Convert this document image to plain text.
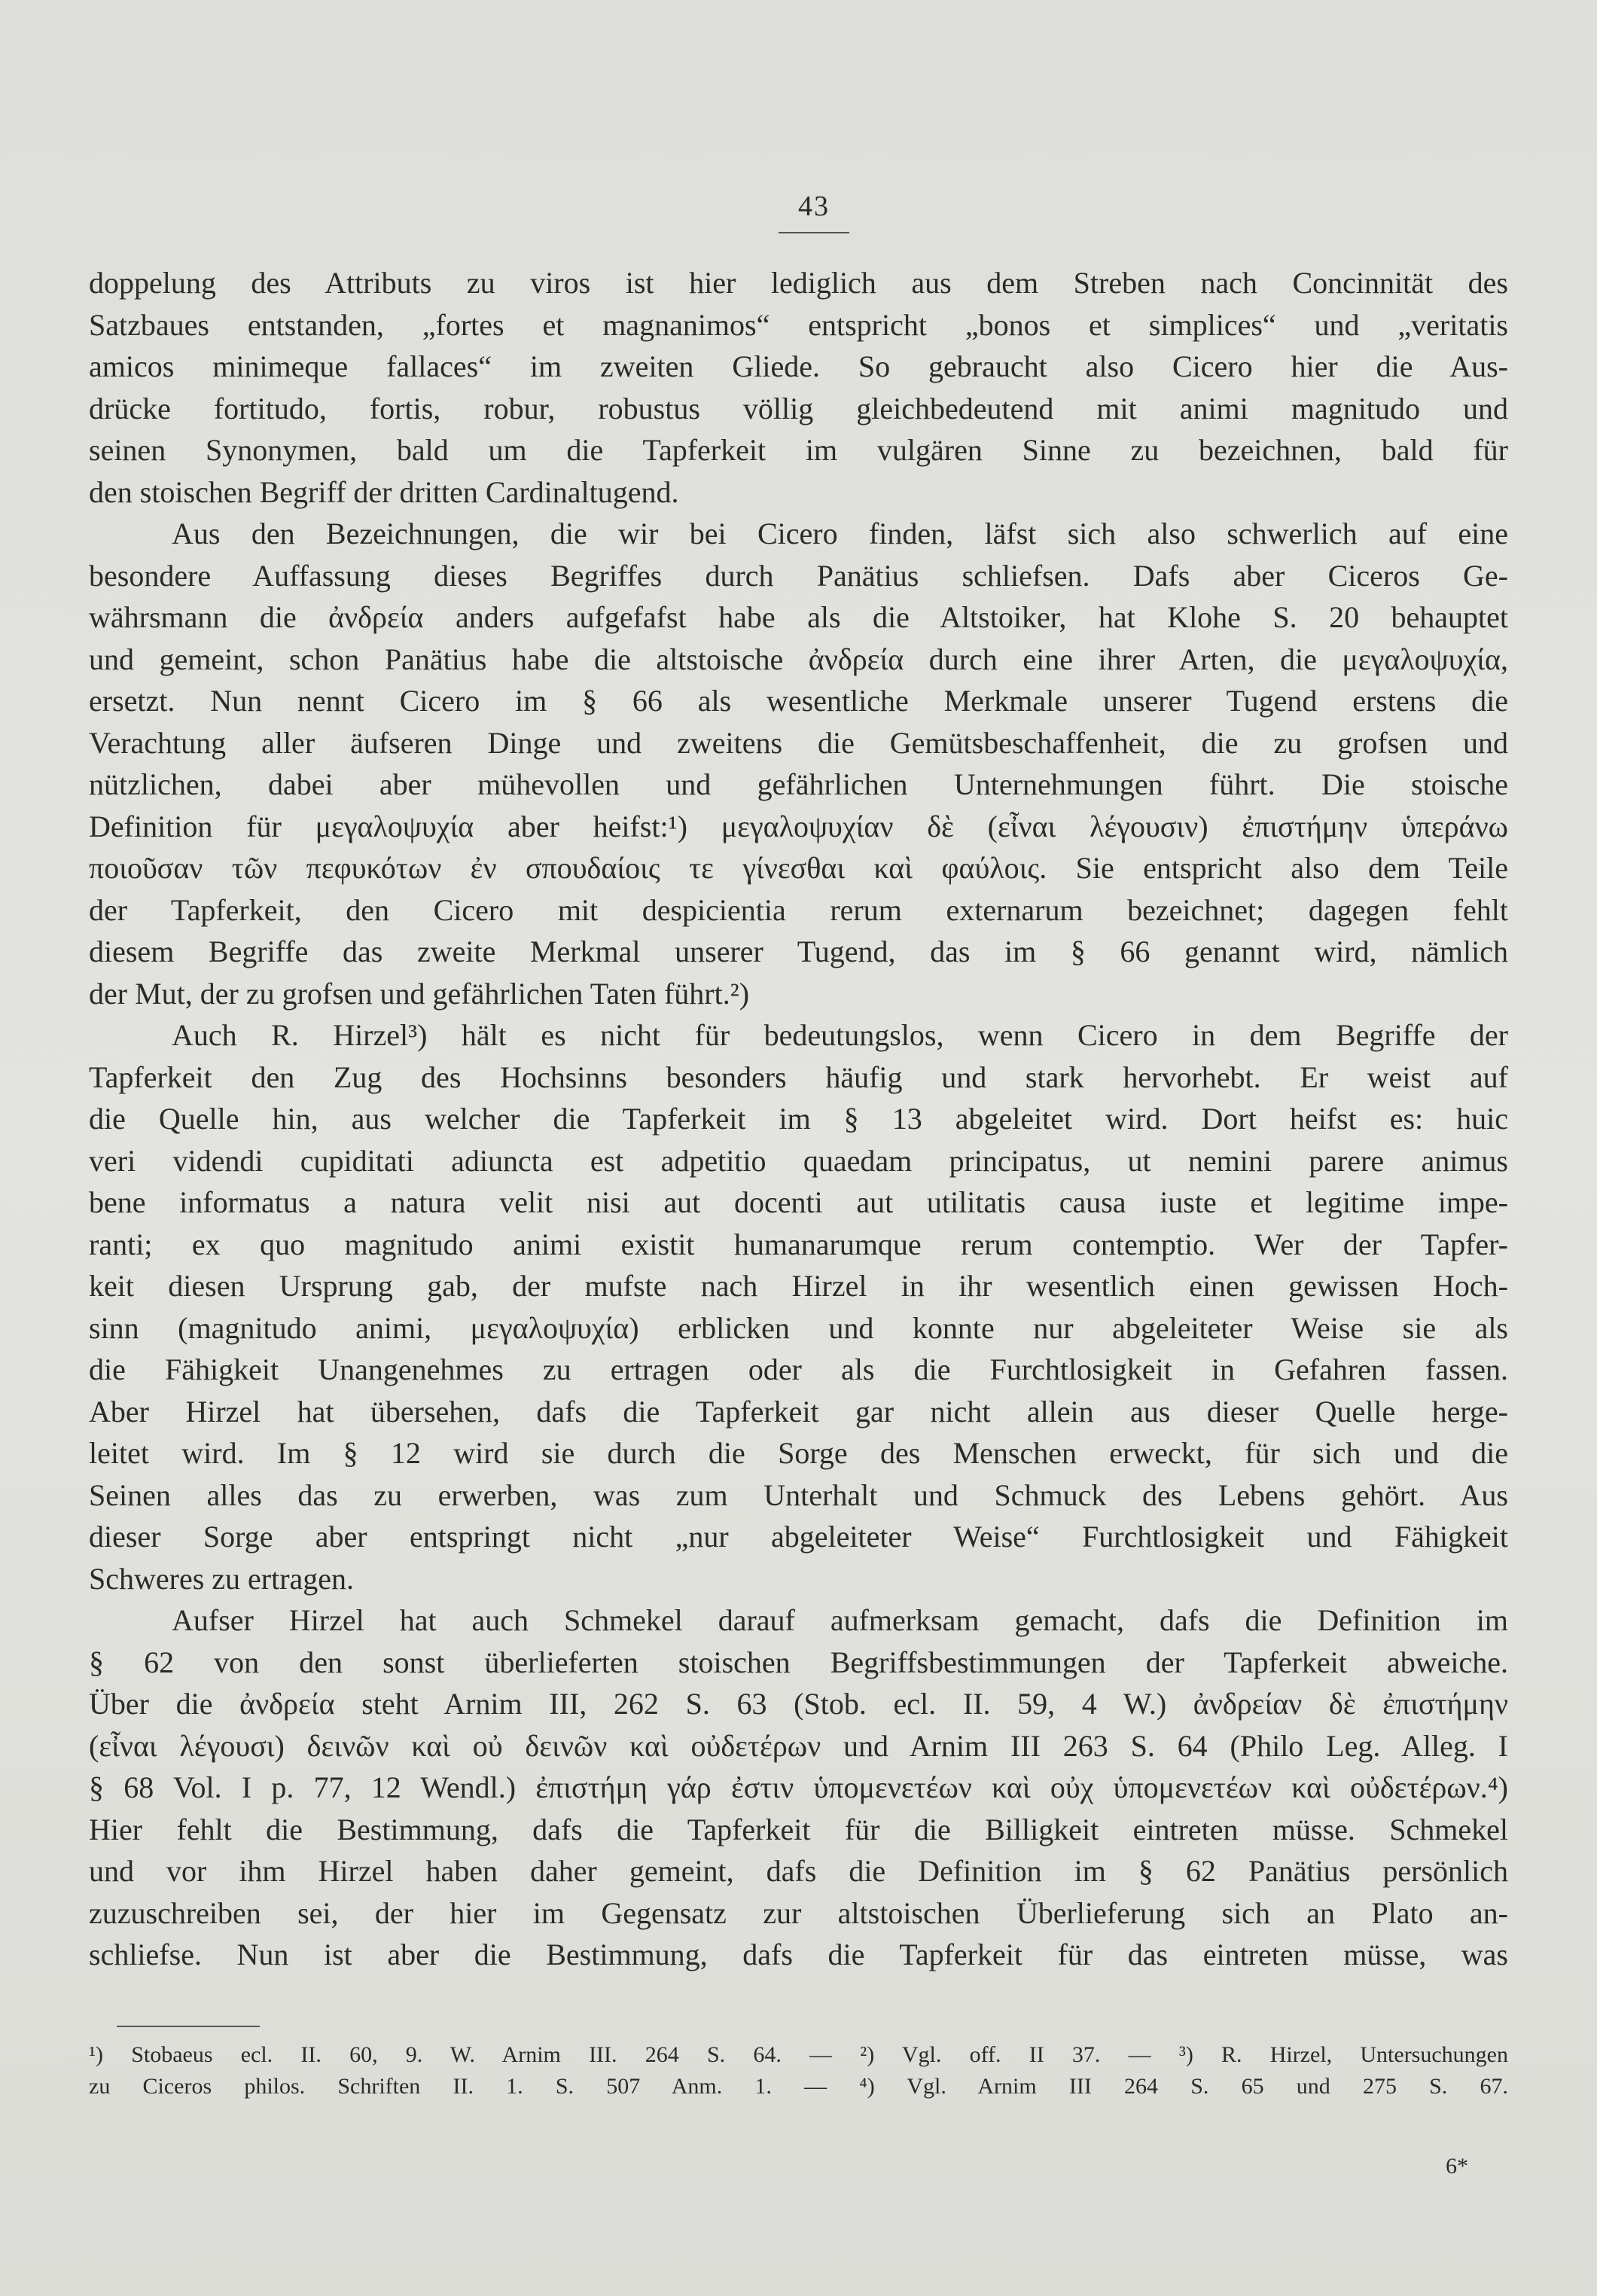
43

doppelung des Attributs zu viros ist hier lediglich aus dem Streben nach Concinnität des
Satzbaues entstanden, „fortes et magnanimos“ entspricht „bonos et simplices“ und „veritatis
amicos minimeque fallaces“ im zweiten Gliede. So gebraucht also Cicero hier die Aus-
drücke fortitudo, fortis, robur, robustus völlig gleichbedeutend mit animi magnitudo und
seinen Synonymen, bald um die Tapferkeit im vulgären Sinne zu bezeichnen, bald für
den stoischen Begriff der dritten Cardinaltugend.

Aus den Bezeichnungen, die wir bei Cicero finden, läfst sich also schwerlich auf eine
besondere Auffassung dieses Begriffes durch Panätius schliefsen. Dafs aber Ciceros Ge-
währsmann die ἀνδρεία anders aufgefafst habe als die Altstoiker, hat Klohe S. 20 behauptet
und gemeint, schon Panätius habe die altstoische ἀνδρεία durch eine ihrer Arten, die μεγαλοψυχία,
ersetzt. Nun nennt Cicero im § 66 als wesentliche Merkmale unserer Tugend erstens die
Verachtung aller äufseren Dinge und zweitens die Gemütsbeschaffenheit, die zu grofsen und
nützlichen, dabei aber mühevollen und gefährlichen Unternehmungen führt. Die stoische
Definition für μεγαλοψυχία aber heifst:¹) μεγαλοψυχίαν δὲ (εἶναι λέγουσιν) ἐπιστήμην ὑπεράνω
ποιοῦσαν τῶν πεφυκότων ἐν σπουδαίοις τε γίνεσθαι καὶ φαύλοις. Sie entspricht also dem Teile
der Tapferkeit, den Cicero mit despicientia rerum externarum bezeichnet; dagegen fehlt
diesem Begriffe das zweite Merkmal unserer Tugend, das im § 66 genannt wird, nämlich
der Mut, der zu grofsen und gefährlichen Taten führt.²)

Auch R. Hirzel³) hält es nicht für bedeutungslos, wenn Cicero in dem Begriffe der
Tapferkeit den Zug des Hochsinns besonders häufig und stark hervorhebt. Er weist auf
die Quelle hin, aus welcher die Tapferkeit im § 13 abgeleitet wird. Dort heifst es: huic
veri videndi cupiditati adiuncta est adpetitio quaedam principatus, ut nemini parere animus
bene informatus a natura velit nisi aut docenti aut utilitatis causa iuste et legitime impe-
ranti; ex quo magnitudo animi existit humanarumque rerum contemptio. Wer der Tapfer-
keit diesen Ursprung gab, der mufste nach Hirzel in ihr wesentlich einen gewissen Hoch-
sinn (magnitudo animi, μεγαλοψυχία) erblicken und konnte nur abgeleiteter Weise sie als
die Fähigkeit Unangenehmes zu ertragen oder als die Furchtlosigkeit in Gefahren fassen.
Aber Hirzel hat übersehen, dafs die Tapferkeit gar nicht allein aus dieser Quelle herge-
leitet wird. Im § 12 wird sie durch die Sorge des Menschen erweckt, für sich und die
Seinen alles das zu erwerben, was zum Unterhalt und Schmuck des Lebens gehört. Aus
dieser Sorge aber entspringt nicht „nur abgeleiteter Weise“ Furchtlosigkeit und Fähigkeit
Schweres zu ertragen.

Aufser Hirzel hat auch Schmekel darauf aufmerksam gemacht, dafs die Definition im
§ 62 von den sonst überlieferten stoischen Begriffsbestimmungen der Tapferkeit abweiche.
Über die ἀνδρεία steht Arnim III, 262 S. 63 (Stob. ecl. II. 59, 4 W.) ἀνδρείαν δὲ ἐπιστήμην
(εἶναι λέγουσι) δεινῶν καὶ οὐ δεινῶν καὶ οὐδετέρων und Arnim III 263 S. 64 (Philo Leg. Alleg. I
§ 68 Vol. I p. 77, 12 Wendl.) ἐπιστήμη γάρ ἐστιν ὑπομενετέων καὶ οὐχ ὑπομενετέων καὶ οὐδετέρων.⁴)
Hier fehlt die Bestimmung, dafs die Tapferkeit für die Billigkeit eintreten müsse. Schmekel
und vor ihm Hirzel haben daher gemeint, dafs die Definition im § 62 Panätius persönlich
zuzuschreiben sei, der hier im Gegensatz zur altstoischen Überlieferung sich an Plato an-
schliefse. Nun ist aber die Bestimmung, dafs die Tapferkeit für das eintreten müsse, was

¹) Stobaeus ecl. II. 60, 9. W. Arnim III. 264 S. 64. — ²) Vgl. off. II 37. — ³) R. Hirzel, Untersuchungen
zu Ciceros philos. Schriften II. 1. S. 507 Anm. 1. — ⁴) Vgl. Arnim III 264 S. 65 und 275 S. 67.
6*
